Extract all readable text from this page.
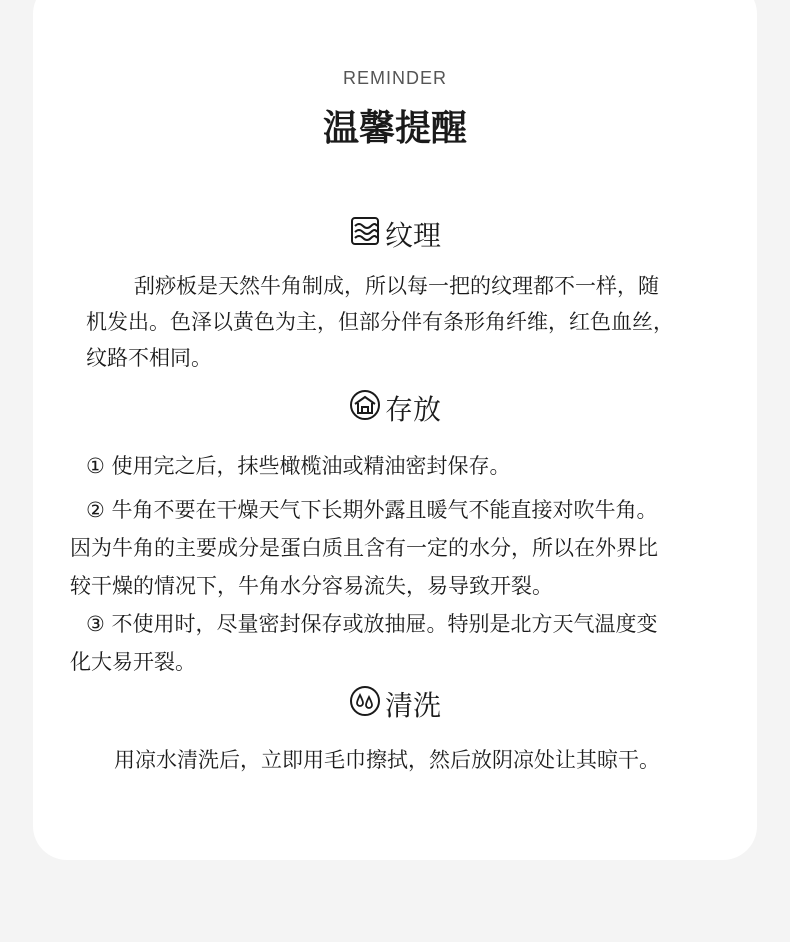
REMINDER
温馨提醒
纹理
刮痧板是天然牛角制成，所以每一把的纹理都不一样，随
机发出。色泽以黄色为主，但部分伴有条形角纤维，红色血丝，
纹路不相同。
存放
① 使用完之后，抹些橄榄油或精油密封保存。
② 牛角不要在干燥天气下长期外露且暖气不能直接对吹牛角。
因为牛角的主要成分是蛋白质且含有一定的水分，所以在外界比
较干燥的情况下，牛角水分容易流失，易导致开裂。
③ 不使用时，尽量密封保存或放抽屉。特别是北方天气温度变
化大易开裂。
清洗
用凉水清洗后，立即用毛巾擦拭，然后放阴凉处让其晾干。
